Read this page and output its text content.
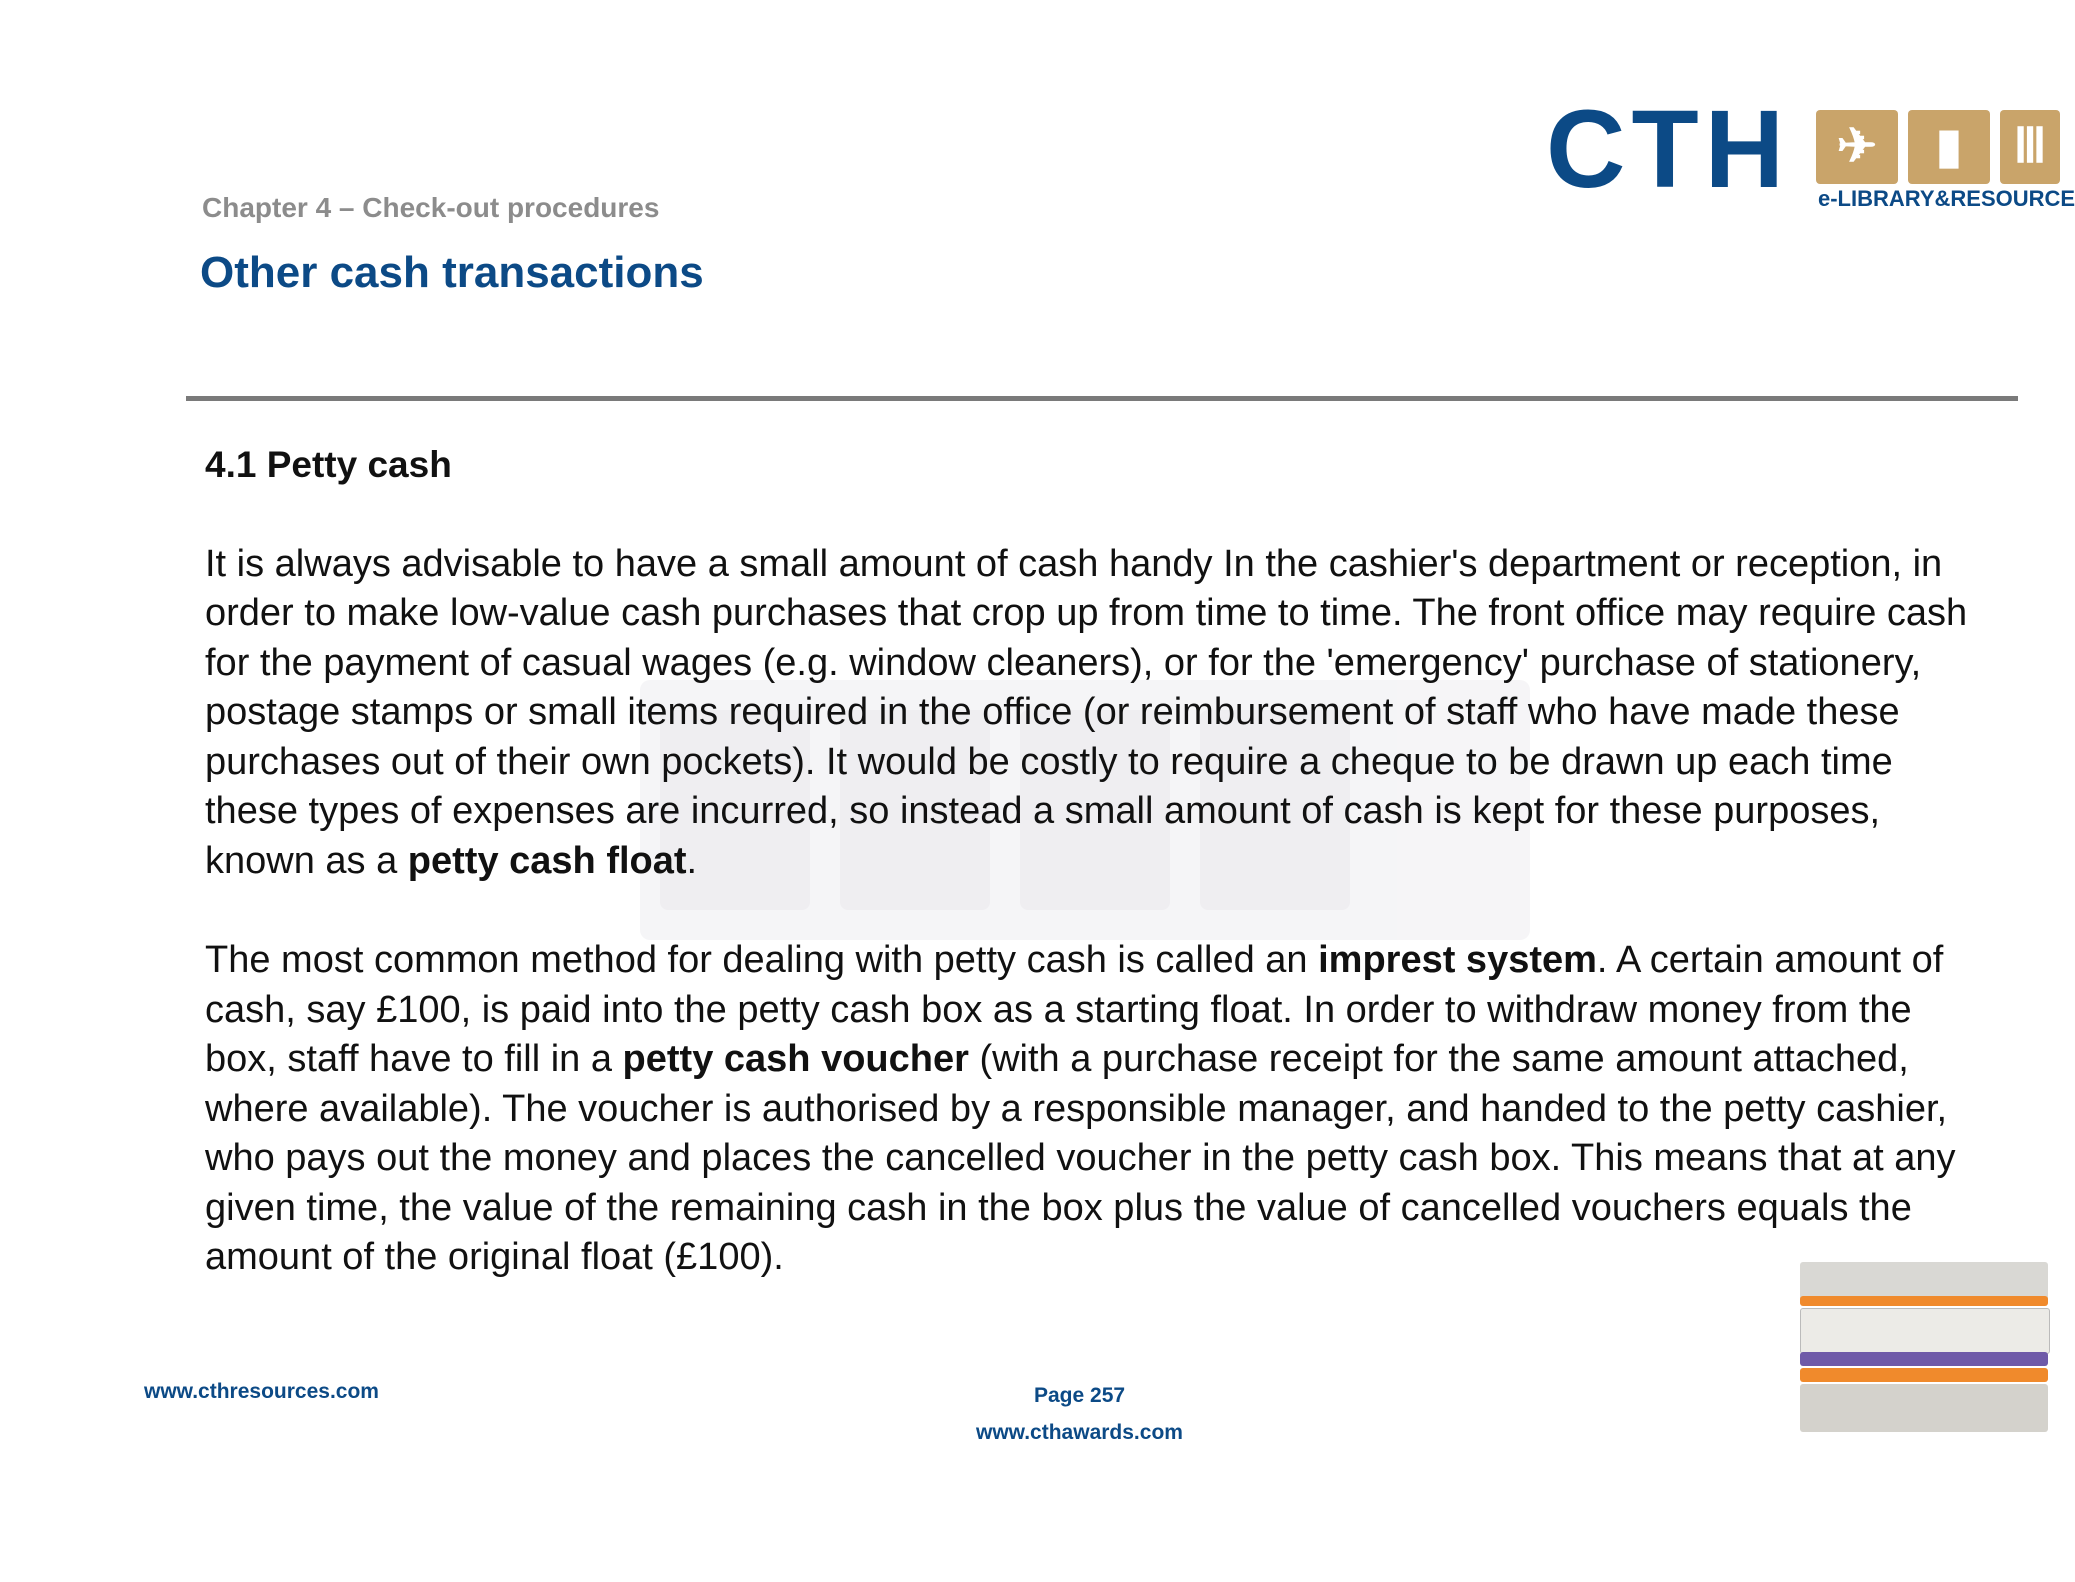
Chapter 4 – Check-out procedures
Other cash transactions
CTH ✈	▮	Ⅲ
e-LIBRARY&RESOURCE
4.1 Petty cash
It is always advisable to have a small amount of cash handy In the cashier's department or reception, in order to make low-value cash purchases that crop up from time to time. The front office may require cash for the payment of casual wages (e.g. window cleaners), or for the 'emergency' purchase of stationery, postage stamps or small items required in the office (or reimbursement of staff who have made these purchases out of their own pockets). It would be costly to require a cheque to be drawn up each time these types of expenses are incurred, so instead a small amount of cash is kept for these purposes, known as a petty cash float.
The most common method for dealing with petty cash is called an imprest system. A certain amount of cash, say £100, is paid into the petty cash box as a starting float. In order to withdraw money from the box, staff have to fill in a petty cash voucher (with a purchase receipt for the same amount attached, where available). The voucher is authorised by a responsible manager, and handed to the petty cashier, who pays out the money and places the cancelled voucher in the petty cash box. This means that at any given time, the value of the remaining cash in the box plus the value of cancelled vouchers equals the amount of the original float (£100).
www.cthresources.com	Page 257
www.cthawards.com
